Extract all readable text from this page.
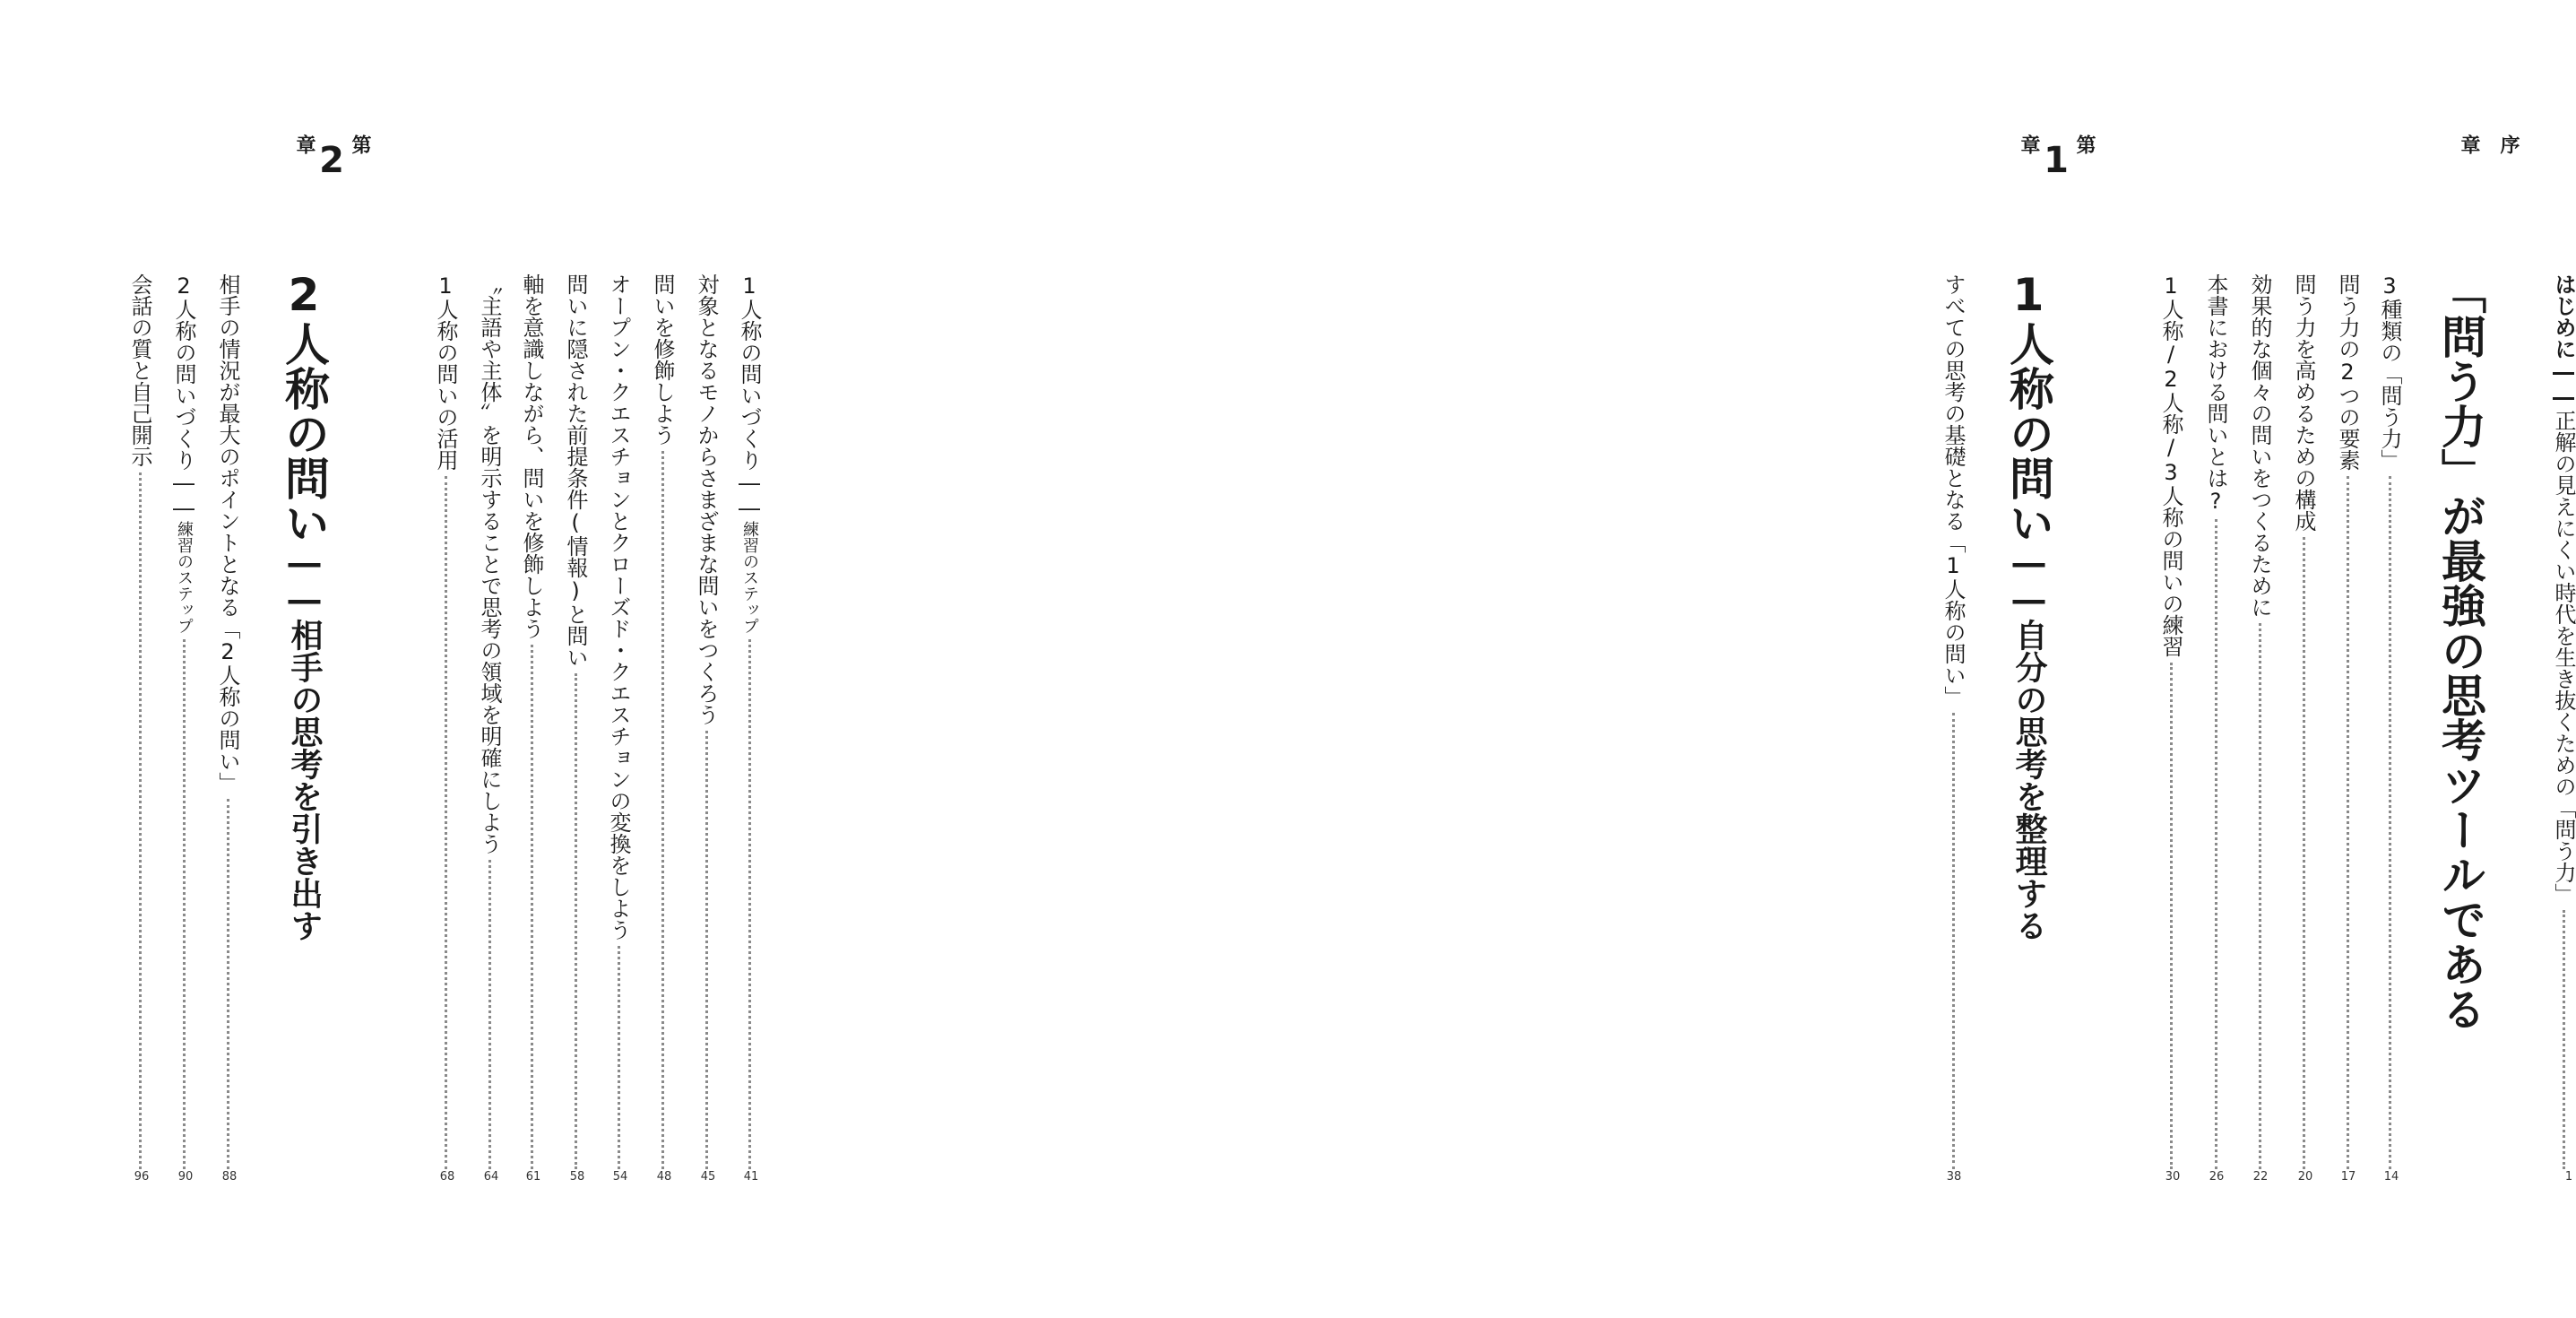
はじめに――正解の見えにくい時代を生き抜くための「問う力」
1
序
章
「問う力」が最強の思考ツールである
3種類の「問う力」
14
問う力の2つの要素
17
問う力を高めるための構成
20
効果的な個々の問いをつくるために
22
本書における問いとは?
26
1人称/2人称/3人称の問いの練習
30
第
1
章
1人称の問い――自分の思考を整理する
すべての思考の基礎となる「1人称の問い」
38
1人称の問いづくり――練習のステップ
41
対象となるモノからさまざまな問いをつくろう
45
問いを修飾しよう
48
オープン・クエスチョンとクローズド・クエスチョンの変換をしよう
54
問いに隠された前提条件(情報)と問い
58
軸を意識しながら、問いを修飾しよう
61
〝主語や主体〟を明示することで思考の領域を明確にしよう
64
1人称の問いの活用
68
第
2
章
2人称の問い――相手の思考を引き出す
相手の情況が最大のポイントとなる「2人称の問い」
88
2人称の問いづくり――練習のステップ
90
会話の質と自己開示
96
